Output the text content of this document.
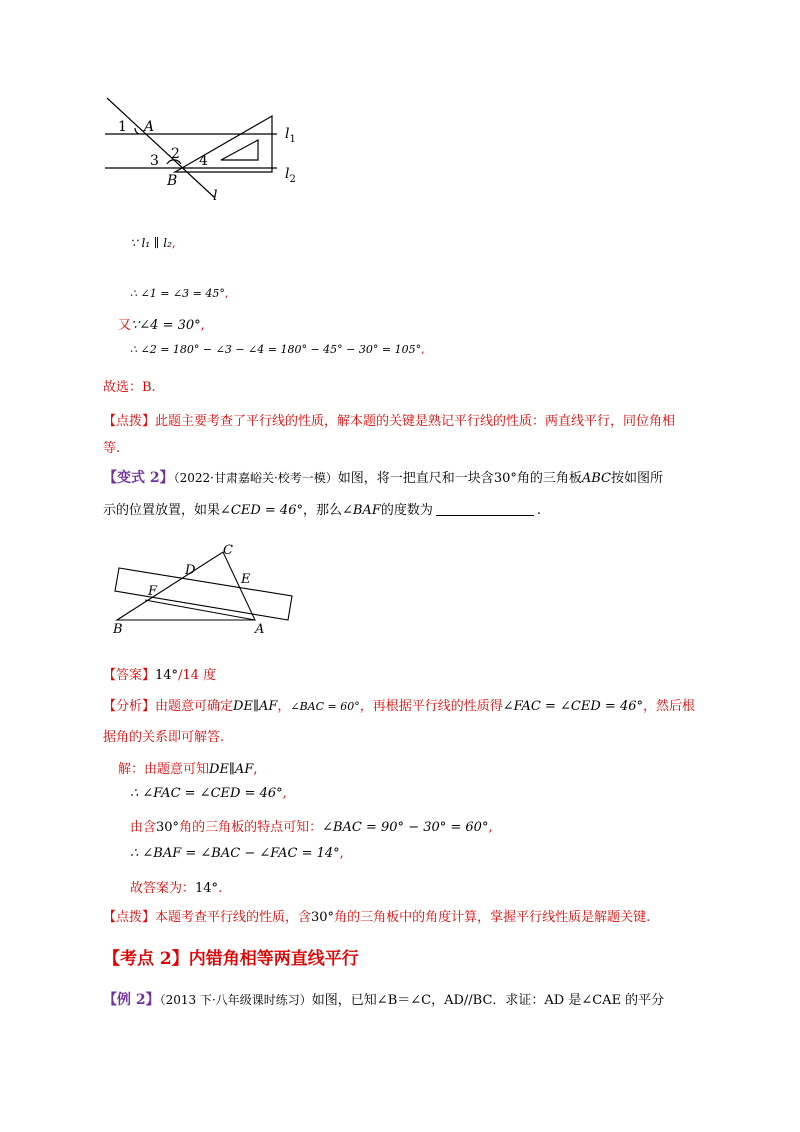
1 A
2
3	4
B
l
$l_1$
$l_2$
∵ l₁ ∥ l₂,
∴ ∠1 = ∠3 = 45°,
又∵∠4 = 30°,
∴ ∠2 = 180° − ∠3 − ∠4 = 180° − 45° − 30° = 105°,
故选：B.
【点拨】此题主要考查了平行线的性质，解本题的关键是熟记平行线的性质：两直线平行，同位角相
等.
【变式 2】（2022·甘肃嘉峪关·校考一模）如图，将一把直尺和一块含30°角的三角板ABC按如图所
示的位置放置，如果∠CED = 46°，那么∠BAF的度数为	.
C
D
E
F
B	A
【答案】14°/14 度
【分析】由题意可确定DE∥AF，∠BAC = 60°，再根据平行线的性质得∠FAC = ∠CED = 46°，然后根
据角的关系即可解答.
解：由题意可知DE∥AF,
∴ ∠FAC = ∠CED = 46°,
由含30°角的三角板的特点可知：∠BAC = 90° − 30° = 60°,
∴ ∠BAF = ∠BAC − ∠FAC = 14°,
故答案为：14°.
【点拨】本题考查平行线的性质，含30°角的三角板中的角度计算，掌握平行线性质是解题关键.
【考点 2】内错角相等两直线平行
【例 2】（2013 下·八年级课时练习）如图，已知∠B＝∠C，AD//BC．求证：AD 是∠CAE 的平分
